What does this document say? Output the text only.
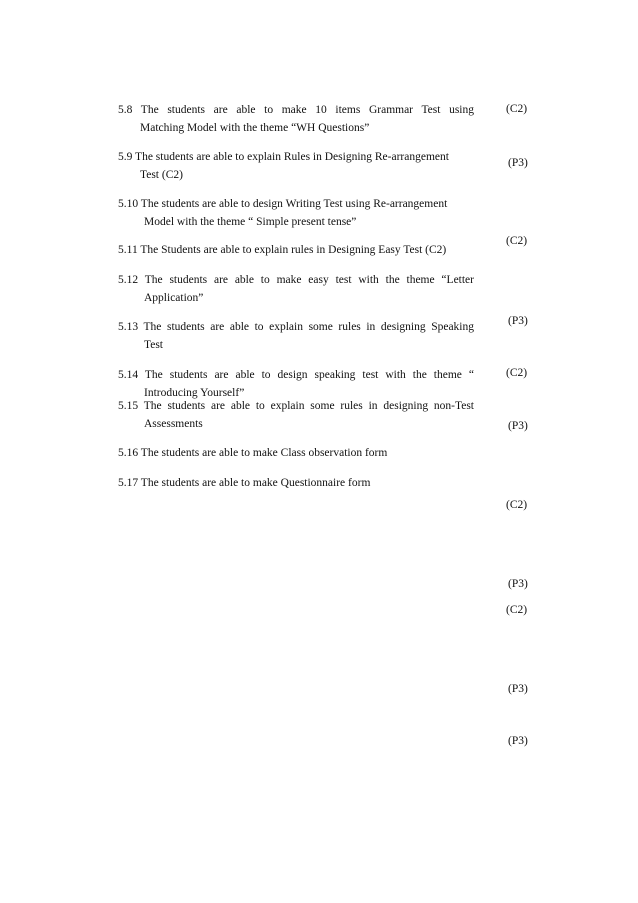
5.8 The students are able to make 10 items Grammar Test using
Matching Model with the theme “WH Questions”
5.9 The students are able to explain Rules in Designing Re-arrangement
Test (C2)
5.10 The students are able to design Writing Test using Re-arrangement
Model with the theme “ Simple present tense”
5.11 The Students are able to explain rules in Designing Easy Test (C2)
5.12 The students are able to make easy test with the theme “Letter
Application”
5.13 The students are able to explain some rules in designing Speaking
Test
5.14 The students are able to design speaking test with the theme “
Introducing Yourself”
5.15 The students are able to explain some rules in designing non-Test
Assessments
5.16 The students are able to make Class observation form
5.17 The students are able to make Questionnaire form
(C2)
(P3)
(C2)
(P3)
(C2)
(P3)
(C2)
(P3)
(C2)
(P3)
(P3)
